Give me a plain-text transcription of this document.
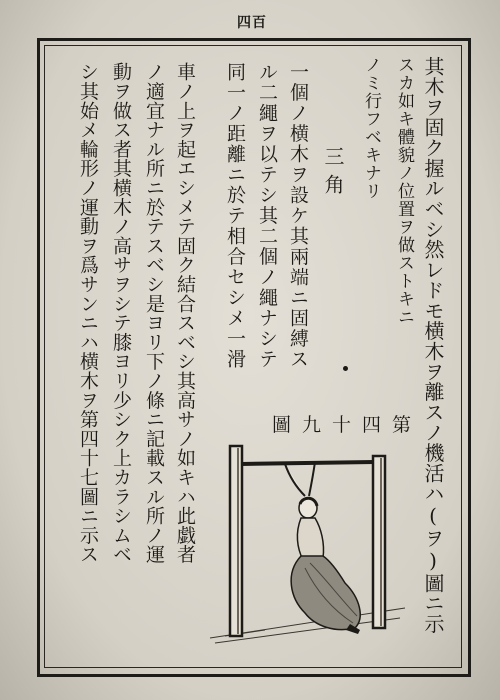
四百
其木ヲ固ク握ルベシ然レドモ横木ヲ離スノ機活ハ(ヲ)圖ニ示
スカ如キ體貌ノ位置ヲ做ストキニ
ノミ行フベキナリ
三角
一個ノ横木ヲ設ケ其兩端ニ固縛ス
ル二繩ヲ以テシ其二個ノ繩ナシテ
同一ノ距離ニ於テ相合セシメ一滑
車ノ上ヲ起エシメテ固ク結合スベシ其高サノ如キハ此戯者
ノ適宜ナル所ニ於テスベシ是ヨリ下ノ條ニ記載スル所ノ運
動ヲ做ス者其横木ノ高サヲシテ膝ヨリ少シク上カラシムベ
シ其始メ輪形ノ運動ヲ爲サンニハ横木ヲ第四十七圖ニ示ス	第四十九圖
